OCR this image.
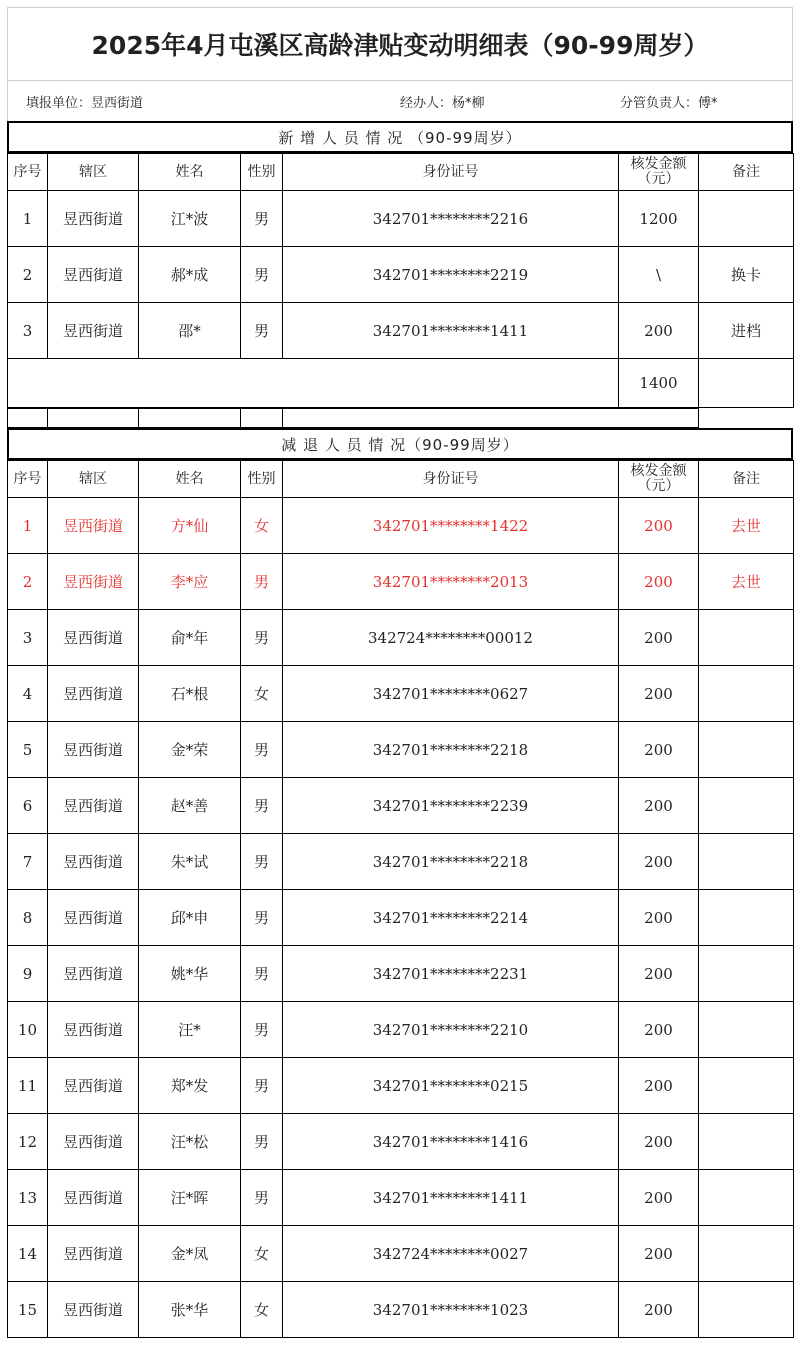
2025年4月屯溪区高龄津贴变动明细表（90-99周岁）
填报单位：昱西街道	经办人：杨*柳	分管负责人：傅*
新 增 人 员 情 况 （90-99周岁）
序号	辖区	姓名	性别	身份证号	核发金额（元）	备注
1	昱西街道	江*波	男	342701********2216	1200	
2	昱西街道	郝*成	男	342701********2219	\	换卡
3	昱西街道	邵*	男	342701********1411	200	进档
					1400	

减 退 人 员 情 况（90-99周岁）
序号	辖区	姓名	性别	身份证号	核发金额（元）	备注
1	昱西街道	方*仙	女	342701********1422	200	去世
2	昱西街道	李*应	男	342701********2013	200	去世
3	昱西街道	俞*年	男	342724********00012	200	
4	昱西街道	石*根	女	342701********0627	200	
5	昱西街道	金*荣	男	342701********2218	200	
6	昱西街道	赵*善	男	342701********2239	200	
7	昱西街道	朱*试	男	342701********2218	200	
8	昱西街道	邱*申	男	342701********2214	200	
9	昱西街道	姚*华	男	342701********2231	200	
10	昱西街道	汪*	男	342701********2210	200	
11	昱西街道	郑*发	男	342701********0215	200	
12	昱西街道	汪*松	男	342701********1416	200	
13	昱西街道	汪*晖	男	342701********1411	200	
14	昱西街道	金*凤	女	342724********0027	200	
15	昱西街道	张*华	女	342701********1023	200	
